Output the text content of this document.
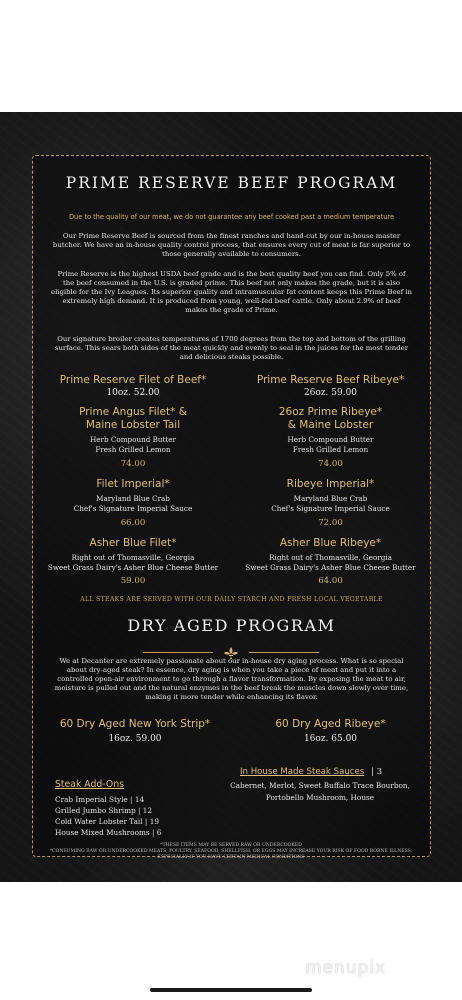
PRIME RESERVE BEEF PROGRAM
Due to the quality of our meat, we do not guarantee any beef cooked past a medium temperature
Our Prime Reserve Beef is sourced from the finest ranches and hand-cut by our in-house master butcher. We have an in-house quality control process, that ensures every cut of meat is far superior to those generally available to consumers.
Prime Reserve is the highest USDA beef grade and is the best quality beef you can find. Only 5% of the beef consumed in the U.S. is graded prime. This beef not only makes the grade, but it is also eligible for the Ivy Leagues. Its superior quality and intramuscular fat content keeps this Prime Beef in extremely high demand. It is produced from young, well-fed beef cattle. Only about 2.9% of beef makes the grade of Prime.
Our signature broiler creates temperatures of 1700 degrees from the top and bottom of the grilling surface. This sears both sides of the meat quickly and evenly to seal in the juices for the most tender and delicious steaks possible.
Prime Reserve Filet of Beef*
10oz. 52.00
Prime Reserve Beef Ribeye*
26oz. 59.00
Prime Angus Filet* &
Maine Lobster Tail
Herb Compound Butter
Fresh Grilled Lemon
74.00
26oz Prime Ribeye*
& Maine Lobster
Herb Compound Butter
Fresh Grilled Lemon
74.00
Filet Imperial*
Maryland Blue Crab
Chef's Signature Imperial Sauce
66.00
Ribeye Imperial*
Maryland Blue Crab
Chef's Signature Imperial Sauce
72.00
Asher Blue Filet*
Right out of Thomasville, Georgia
Sweet Grass Dairy's Asher Blue Cheese Butter
59.00
Asher Blue Ribeye*
Right out of Thomasville, Georgia
Sweet Grass Dairy's Asher Blue Cheese Butter
64.00
ALL STEAKS ARE SERVED WITH OUR DAILY STARCH AND FRESH LOCAL VEGETABLE
DRY AGED PROGRAM
We at Decanter are extremely passionate about our in-house dry aging process. What is so special about dry-aged steak? In essence, dry aging is when you take a piece of meat and put it into a controlled open-air environment to go through a flavor transformation. By exposing the meat to air, moisture is pulled out and the natural enzymes in the beef break the muscles down slowly over time, making it more tender while enhancing its flavor.
60 Dry Aged New York Strip*
16oz. 59.00
60 Dry Aged Ribeye*
16oz. 65.00
Steak Add-Ons
Crab Imperial Style | 14
Grilled Jumbo Shrimp | 12
Cold Water Lobster Tail | 19
House Mixed Mushrooms | 6
In House Made Steak Sauces | 3
Cabernet, Merlot, Sweet Buffalo Trace Bourbon,
Portobello Mushroom, House
*THESE ITEMS MAY BE SERVED RAW OR UNDERCOOKED
*CONSUMING RAW OR UNDERCOOKED MEATS, POULTRY, SEAFOOD, SHELLFISH, OR EGGS MAY INCREASE YOUR RISK OF FOOD BORNE ILLNESS,
ESPECIALLY IF YOU HAVE CERTAIN MEDICAL CONDITIONS
menupix
